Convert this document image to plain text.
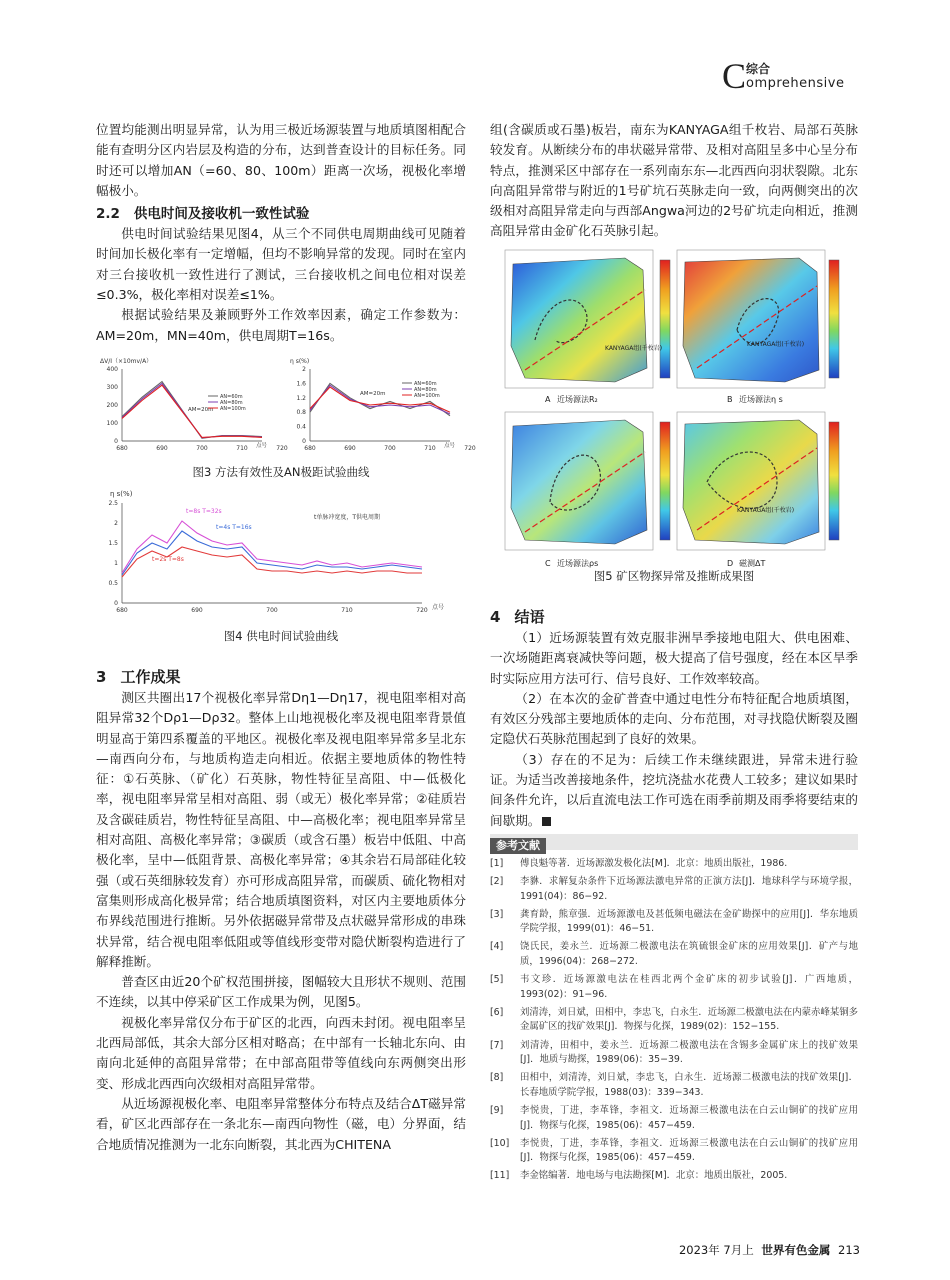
C 综合
omprehensive

位置均能测出明显异常，认为用三极近场源装置与地质填图相配合能有查明分区内岩层及构造的分布，达到普查设计的目标任务。同时还可以增加AN（=60、80、100m）距离一次场，视极化率增幅极小。

2.2 供电时间及接收机一致性试验

供电时间试验结果见图4，从三个不同供电周期曲线可见随着时间加长极化率有一定增幅，但均不影响异常的发现。同时在室内对三台接收机一致性进行了测试，三台接收机之间电位相对误差≤0.3%，极化率相对误差≤1%。

根据试验结果及兼顾野外工作效率因素，确定工作参数为：AM=20m，MN=40m，供电周期T=16s。

ΔV/I（×10mv/A）
680	690	700	710	720
0
100
200
300
400
AM=20m
AN=60m
AN=80m
AN=100m
点号
η s(%)
680	690	700	710	720
0
0.4
0.8
1.2
1.6
2
AM=20m
AN=60m
AN=80m
AN=100m
点号
图3 方法有效性及AN极距试验曲线
η s(%)
680	690	700	710	720
0
0.5
1
1.5
2
2.5
t单脉冲宽度，T供电周期
t=8s T=32s
t=4s T=16s
t=2s T=8s
点号
图4 供电时间试验曲线
3 工作成果

测区共圈出17个视极化率异常Dη1—Dη17，视电阻率相对高阻异常32个Dρ1—Dρ32。整体上山地视极化率及视电阻率背景值明显高于第四系覆盖的平地区。视极化率及视电阻率异常多呈北东—南西向分布，与地质构造走向相近。依据主要地质体的物性特征：①石英脉、（矿化）石英脉，物性特征呈高阻、中—低极化率，视电阻率异常呈相对高阻、弱（或无）极化率异常；②硅质岩及含碳硅质岩，物性特征呈高阻、中—高极化率；视电阻率异常呈相对高阻、高极化率异常；③碳质（或含石墨）板岩中低阻、中高极化率，呈中—低阻背景、高极化率异常；④其余岩石局部硅化较强（或石英细脉较发育）亦可形成高阻异常，而碳质、硫化物相对富集则形成高化极异常；结合地质填图资料，对区内主要地质体分布界线范围进行推断。另外依据磁异常带及点状磁异常形成的串珠状异常，结合视电阻率低阻或等值线形变带对隐伏断裂构造进行了解释推断。

普查区由近20个矿权范围拼接，图幅较大且形状不规则、范围不连续，以其中停采矿区工作成果为例，见图5。

视极化率异常仅分布于矿区的北西，向西未封闭。视电阻率呈北西局部低，其余大部分区相对略高；在中部有一长轴北东向、由南向北延伸的高阻异常带；在中部高阻带等值线向东两侧突出形变、形成北西西向次级相对高阻异常带。

从近场源视极化率、电阻率异常整体分布特点及结合ΔT磁异常看，矿区北西部存在一条北东—南西向物性（磁，电）分界面，结合地质情况推测为一北东向断裂，其北西为CHITENA

组(含碳质或石墨)板岩，南东为KANYAGA组千枚岩、局部石英脉较发育。从断续分布的串状磁异常带、及相对高阻呈多中心呈分布特点，推测采区中部存在一系列南东东—北西西向羽状裂隙。北东向高阻异常带与附近的1号矿坑石英脉走向一致，向两侧突出的次级相对高阻异常走向与西部Angwa河边的2号矿坑走向相近，推测高阻异常由金矿化石英脉引起。

KANYAGA组(千枚岩)
A 近场源法R₂
KANYAGA组(千枚岩)
B 近场源法η s
C 近场源法ρs
KANYAGA组(千枚岩)
D 磁测ΔT
图5 矿区物探异常及推断成果图
4 结语

（1）近场源装置有效克服非洲旱季接地电阻大、供电困难、一次场随距离衰减快等问题，极大提高了信号强度，经在本区旱季时实际应用方法可行、信号良好、工作效率较高。

（2）在本次的金矿普查中通过电性分布特征配合地质填图，有效区分残部主要地质体的走向、分布范围，对寻找隐伏断裂及圈定隐伏石英脉范围起到了良好的效果。

（3）存在的不足为：后续工作未继续跟进，异常未进行验证。为适当改善接地条件，挖坑浇盐水花费人工较多；建议如果时间条件允许，以后直流电法工作可选在雨季前期及雨季将要结束的间歇期。

参考文献

[1] 傅良魁等著．近场源激发极化法[M]．北京：地质出版社，1986.

[2] 李貅．求解复杂条件下近场源法激电异常的正演方法[J]．地球科学与环境学报，1991(04)：86−92.

[3] 龚育龄，熊章强．近场源激电及甚低频电磁法在金矿勘探中的应用[J]．华东地质学院学报，1999(01)：46−51.

[4] 饶氏民，姜永兰．近场源二极激电法在筑硫银金矿床的应用效果[J]．矿产与地质，1996(04)：268−272.

[5] 韦文珍．近场源激电法在桂西北两个金矿床的初步试验[J]．广西地质，1993(02)：91−96.

[6] 刘清涛，刘日斌，田相中，李忠飞，白永生．近场源二极激电法在内蒙赤峰某铜多金属矿区的找矿效果[J]．物探与化探，1989(02)：152−155.

[7] 刘清涛，田相中，姜永兰．近场源二极激电法在含锡多金属矿床上的找矿效果[J]．地质与勘探，1989(06)：35−39.

[8] 田相中，刘清涛，刘日斌，李忠飞，白永生．近场源二极激电法的找矿效果[J]．长春地质学院学报，1988(03)：339−343.

[9] 李悦贵，丁进，李革锋，李祖文．近场源三极激电法在白云山铜矿的找矿应用[J]．物探与化探，1985(06)：457−459.

[10] 李悦贵，丁进，李革锋，李祖文．近场源三极激电法在白云山铜矿的找矿应用[J]．物探与化探，1985(06)：457−459.

[11] 李金铭编著．地电场与电法勘探[M]．北京：地质出版社，2005.

2023年 7月上 世界有色金属 213
